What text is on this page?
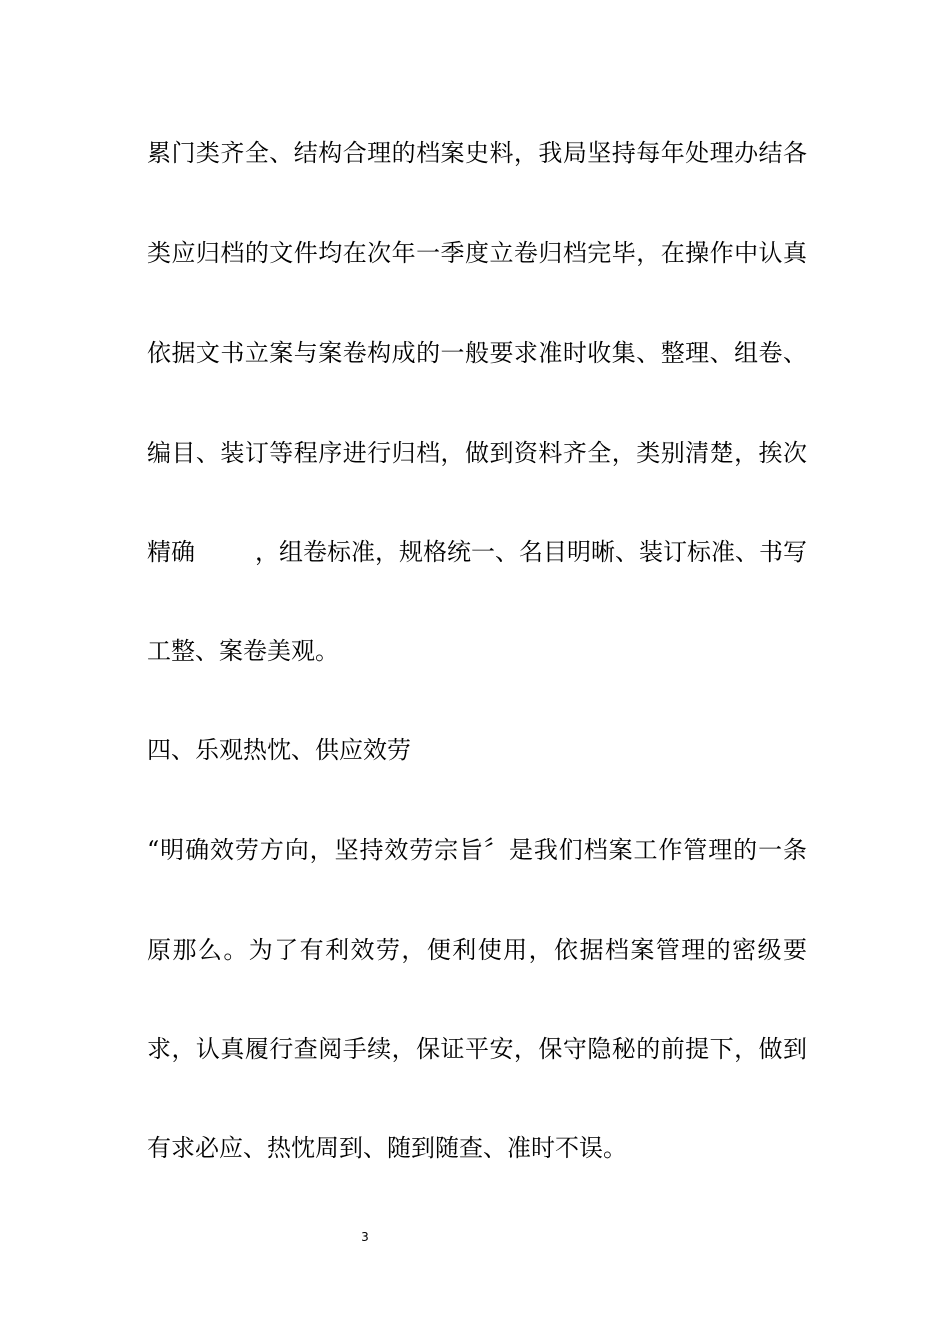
累门类齐全、结构合理的档案史料，我局坚持每年处理办结各
类应归档的文件均在次年一季度立卷归档完毕，在操作中认真
依据文书立案与案卷构成的一般要求准时收集、整理、组卷、
编目、装订等程序进行归档，做到资料齐全，类别清楚，挨次
精确	，组卷标准，规格统一、名目明晰、装订标准、书写
工整、案卷美观。
四、乐观热忱、供应效劳
“明确效劳方向，坚持效劳宗旨〞是我们档案工作管理的一条
原那么。为了有利效劳，便利使用，依据档案管理的密级要
求，认真履行查阅手续，保证平安，保守隐秘的前提下，做到
有求必应、热忱周到、随到随查、准时不误。
3
